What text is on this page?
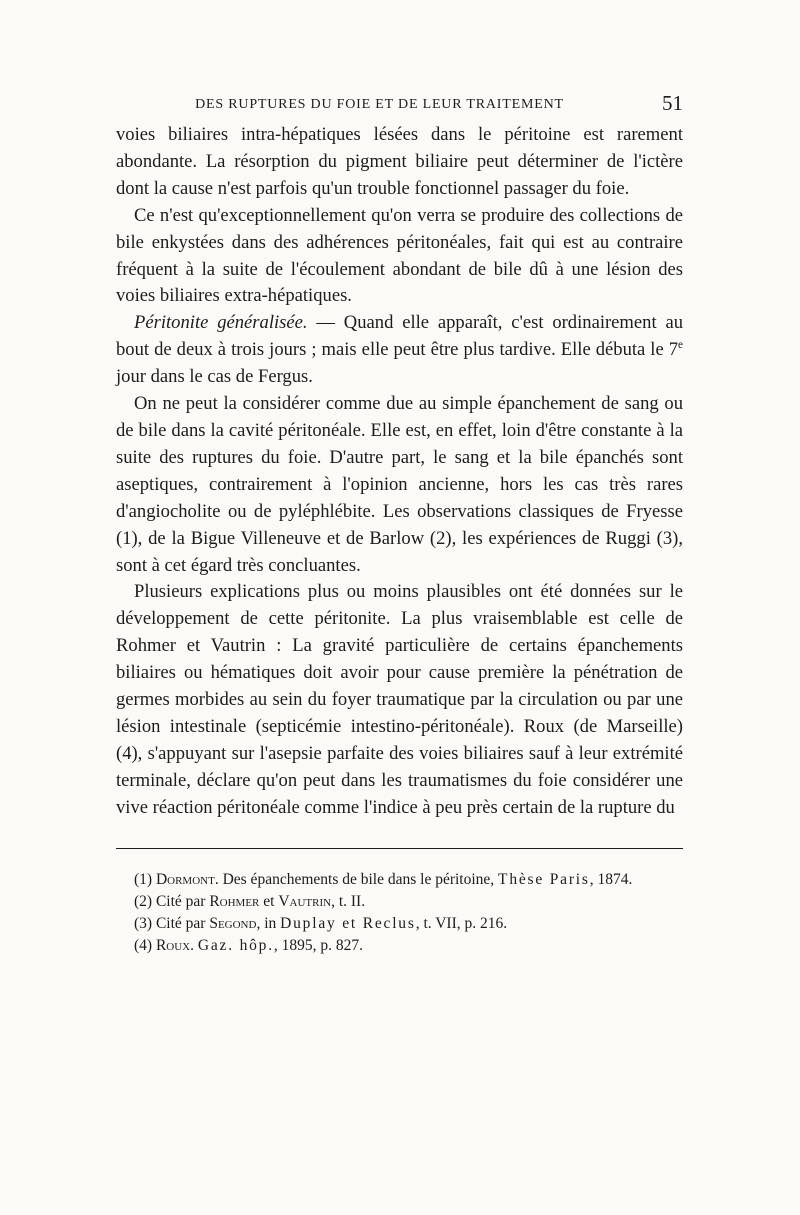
DES RUPTURES DU FOIE ET DE LEUR TRAITEMENT	51

voies biliaires intra-hépatiques lésées dans le péritoine est rarement abondante. La résorption du pigment biliaire peut déterminer de l'ictère dont la cause n'est parfois qu'un trouble fonctionnel passager du foie.

Ce n'est qu'exceptionnellement qu'on verra se produire des collections de bile enkystées dans des adhérences péritonéales, fait qui est au contraire fréquent à la suite de l'écoulement abondant de bile dû à une lésion des voies biliaires extra-hépatiques.

Péritonite généralisée. — Quand elle apparaît, c'est ordinairement au bout de deux à trois jours ; mais elle peut être plus tardive. Elle débuta le 7e jour dans le cas de Fergus.

On ne peut la considérer comme due au simple épanchement de sang ou de bile dans la cavité péritonéale. Elle est, en effet, loin d'être constante à la suite des ruptures du foie. D'autre part, le sang et la bile épanchés sont aseptiques, contrairement à l'opinion ancienne, hors les cas très rares d'angiocholite ou de pyléphlébite. Les observations classiques de Fryesse (1), de la Bigue Villeneuve et de Barlow (2), les expériences de Ruggi (3), sont à cet égard très concluantes.

Plusieurs explications plus ou moins plausibles ont été données sur le développement de cette péritonite. La plus vraisemblable est celle de Rohmer et Vautrin : La gravité particulière de certains épanchements biliaires ou hématiques doit avoir pour cause première la pénétration de germes morbides au sein du foyer traumatique par la circulation ou par une lésion intestinale (septicémie intestino-péritonéale). Roux (de Marseille) (4), s'appuyant sur l'asepsie parfaite des voies biliaires sauf à leur extrémité terminale, déclare qu'on peut dans les traumatismes du foie considérer une vive réaction péritonéale comme l'indice à peu près certain de la rupture du

(1) Dormont. Des épanchements de bile dans le péritoine, Thèse Paris, 1874.

(2) Cité par Rohmer et Vautrin, t. II.

(3) Cité par Segond, in Duplay et Reclus, t. VII, p. 216.

(4) Roux. Gaz. hôp., 1895, p. 827.
